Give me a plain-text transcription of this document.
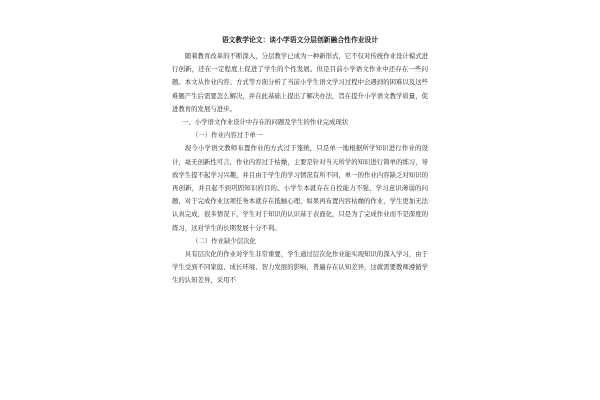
语文教学论文：谈小学语文分层创新融合性作业设计

随着教育改革的不断深入，分层教学已成为一种新形式，它不仅对传统作业设计模式进行创新，还在一定程度上促进了学生的个性发展。但是目前小学语文作业中还存在一些问题。本文从作业内容、方式等方面分析了当前小学生语文学习过程中会遇到的困难以及这些难题产生后需要怎么解决，并在此基础上提出了解决办法，旨在提升小学语文教学质量，促进教育的发展与进步。

一、小学语文作业设计中存在的问题及学生的作业完成现状

（一）作业内容过于单一

现今小学语文教师布置作业的方式过于笼统，只是单一地根据所学知识进行作业的设计，毫无创新性可言，作业内容过于枯燥，主要是针对当天所学的知识进行简单的练习，导致学生提不起学习兴趣，并且由于学生的学习情况有所不同，单一的作业内容缺乏对知识的再创新，并且起不到巩固知识的目的。小学生本就存在自控能力不强、学习意识薄弱的问题，对于完成作业这项任务本就存在抵触心理，如果再布置内容枯燥的作业，学生更加无法认真完成，很多情况下，学生对于知识的认识基于表面化，只是为了完成作业而不是深度的练习，这对学生的长期发展十分不利。

（二）作业缺少层次化

具有层次化的作业对学生非常重要，学生通过层次化作业能实现知识的深入学习，由于学生受到不同家庭、成长环境、智力发展的影响，普遍存在认知差异，这就需要教师遵循学生的认知差异，采用不
